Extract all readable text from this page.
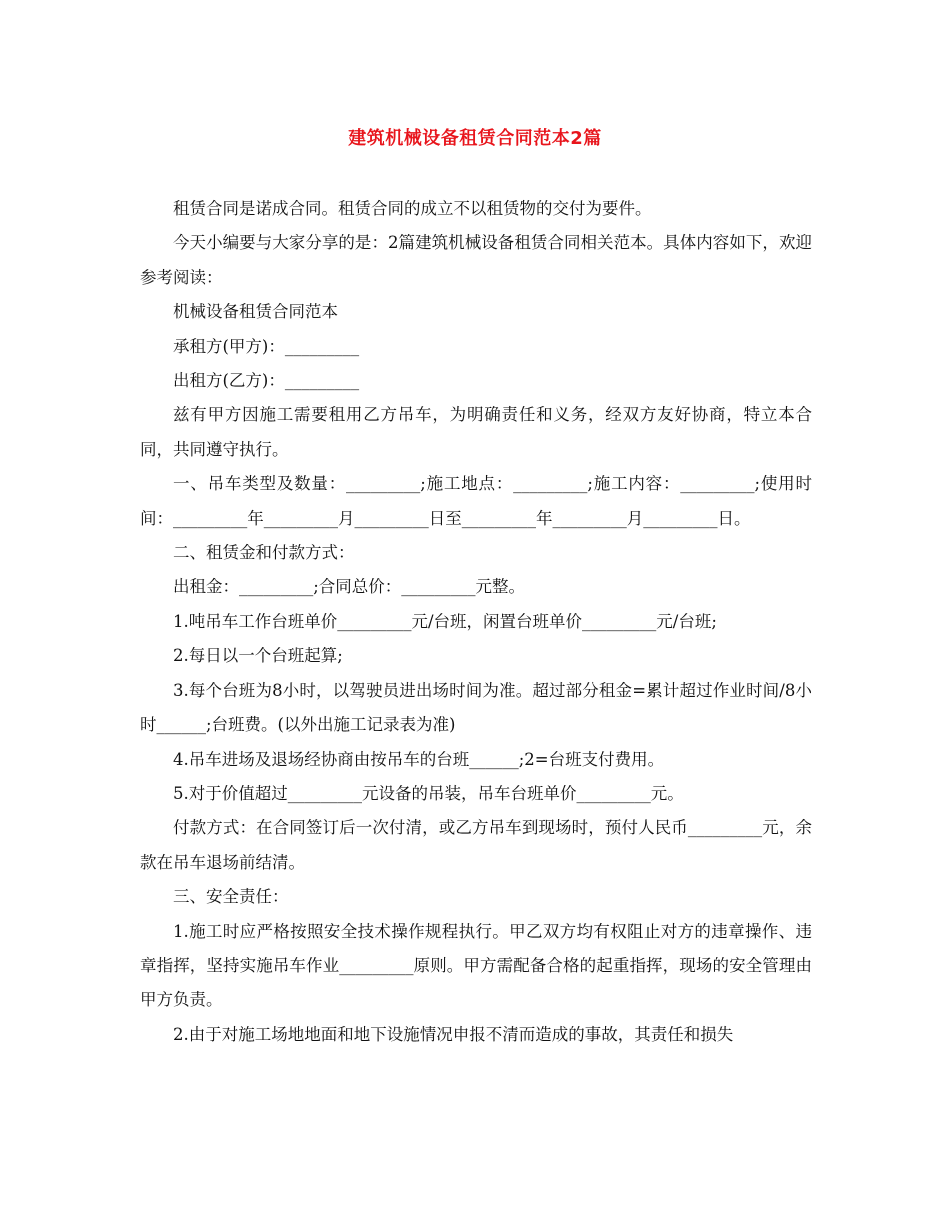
建筑机械设备租赁合同范本2篇

租赁合同是诺成合同。租赁合同的成立不以租赁物的交付为要件。

今天小编要与大家分享的是：2篇建筑机械设备租赁合同相关范本。具体内容如下，欢迎参考阅读：

机械设备租赁合同范本

承租方(甲方)：_________

出租方(乙方)：_________

兹有甲方因施工需要租用乙方吊车，为明确责任和义务，经双方友好协商，特立本合同，共同遵守执行。

一、吊车类型及数量：_________;施工地点：_________;施工内容：_________;使用时间：_________年_________月_________日至_________年_________月_________日。

二、租赁金和付款方式：

出租金：_________;合同总价：_________元整。

1.吨吊车工作台班单价_________元/台班，闲置台班单价_________元/台班;

2.每日以一个台班起算;

3.每个台班为8小时，以驾驶员进出场时间为准。超过部分租金=累计超过作业时间/8小时______;台班费。(以外出施工记录表为准)

4.吊车进场及退场经协商由按吊车的台班______;2=台班支付费用。

5.对于价值超过_________元设备的吊装，吊车台班单价_________元。

付款方式：在合同签订后一次付清，或乙方吊车到现场时，预付人民币_________元，余款在吊车退场前结清。

三、安全责任：

1.施工时应严格按照安全技术操作规程执行。甲乙双方均有权阻止对方的违章操作、违章指挥，坚持实施吊车作业_________原则。甲方需配备合格的起重指挥，现场的安全管理由甲方负责。

2.由于对施工场地地面和地下设施情况申报不清而造成的事故，其责任和损失
